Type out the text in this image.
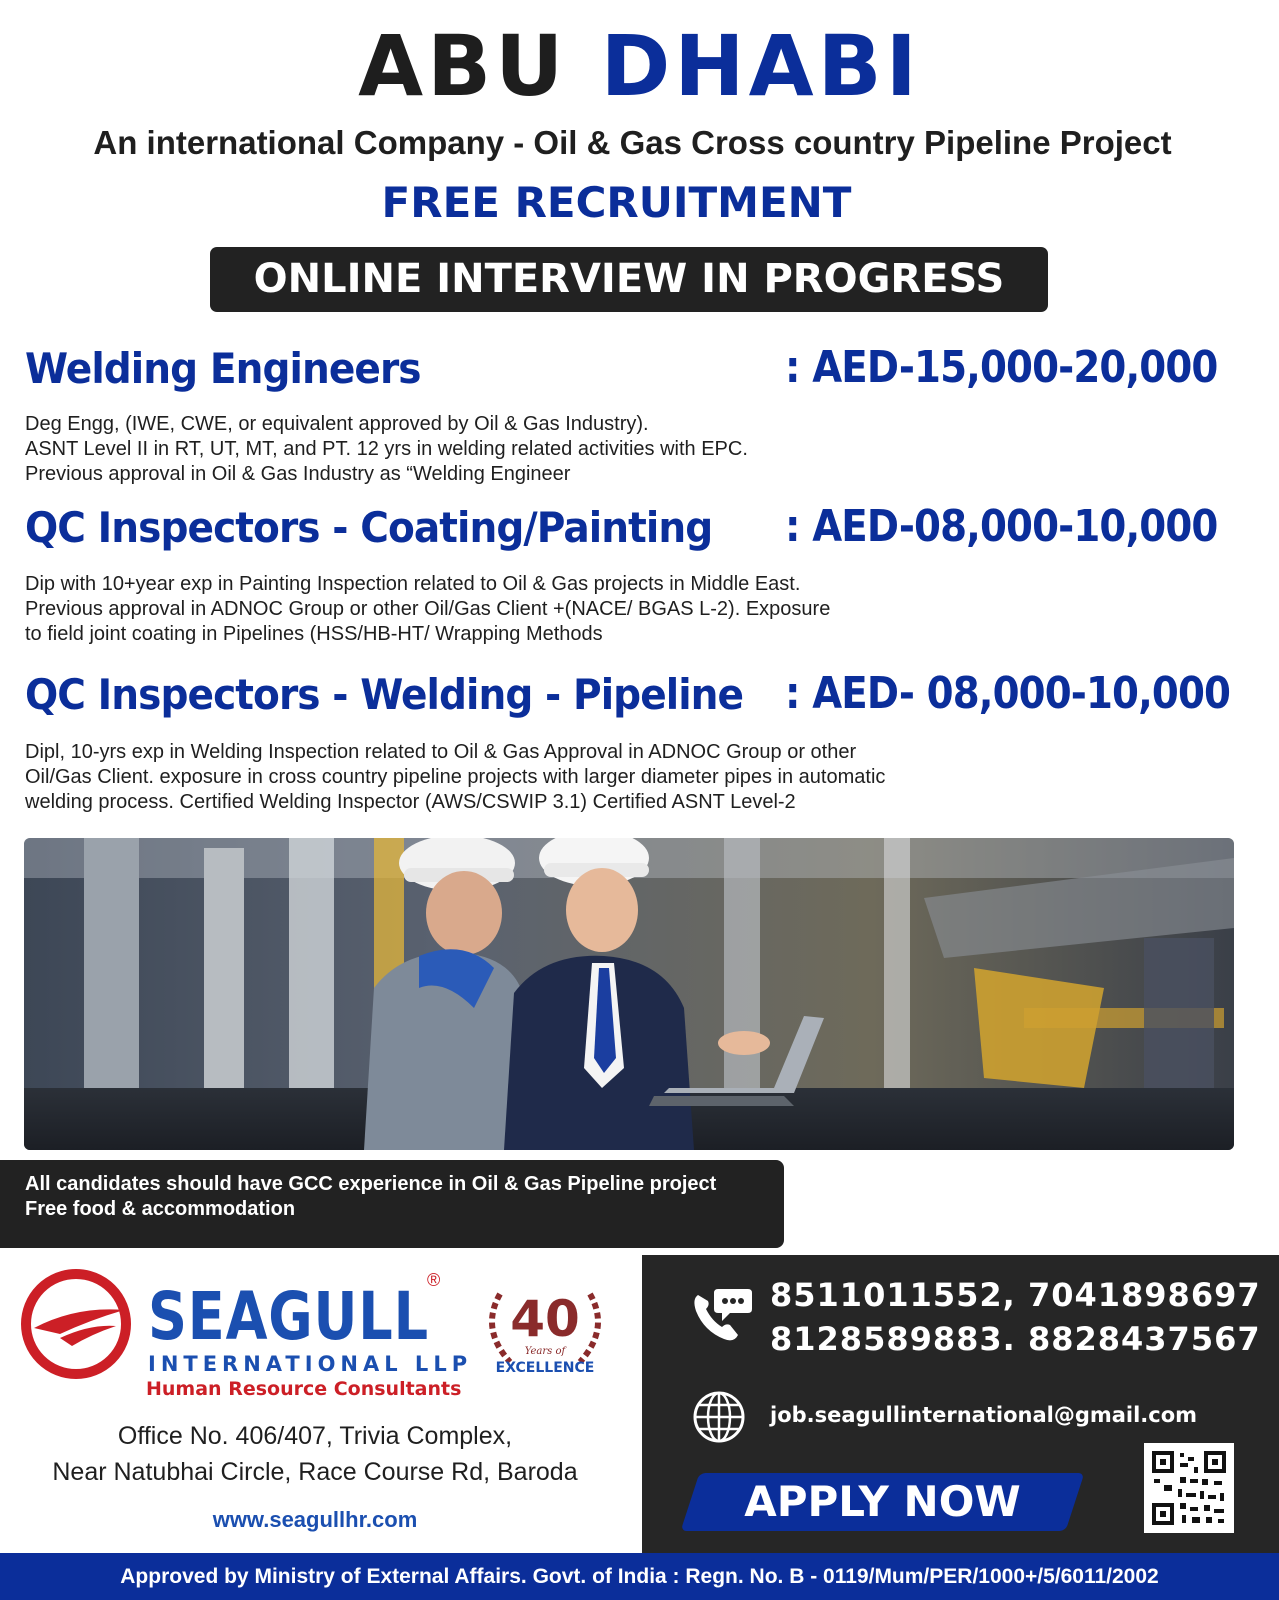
ABU DHABI
An international Company - Oil & Gas Cross country Pipeline Project
FREE RECRUITMENT
ONLINE INTERVIEW IN PROGRESS
Welding Engineers	: AED-15,000-20,000
Deg Engg, (IWE, CWE, or equivalent approved by Oil & Gas Industry).
ASNT Level II in RT, UT, MT, and PT. 12 yrs in welding related activities with EPC.
Previous approval in Oil & Gas Industry as “Welding Engineer
QC Inspectors - Coating/Painting : AED-08,000-10,000
Dip with 10+year exp in Painting Inspection related to Oil & Gas projects in Middle East.
Previous approval in ADNOC Group or other Oil/Gas Client +(NACE/ BGAS L-2). Exposure
to field joint coating in Pipelines (HSS/HB-HT/ Wrapping Methods
QC Inspectors - Welding - Pipeline : AED- 08,000-10,000
Dipl, 10-yrs exp in Welding Inspection related to Oil & Gas Approval in ADNOC Group or other
Oil/Gas Client. exposure in cross country pipeline projects with larger diameter pipes in automatic
welding process. Certified Welding Inspector (AWS/CSWIP 3.1) Certified ASNT Level-2
All candidates should have GCC experience in Oil & Gas Pipeline project
Free food & accommodation
SEAGULL
®
INTERNATIONAL LLP
Human Resource Consultants
40
Years of
EXCELLENCE
Office No. 406/407, Trivia Complex,
Near Natubhai Circle, Race Course Rd, Baroda
www.seagullhr.com
8511011552, 7041898697
8128589883. 8828437567
job.seagullinternational@gmail.com
APPLY NOW
Approved by Ministry of External Affairs. Govt. of India : Regn. No. B - 0119/Mum/PER/1000+/5/6011/2002
